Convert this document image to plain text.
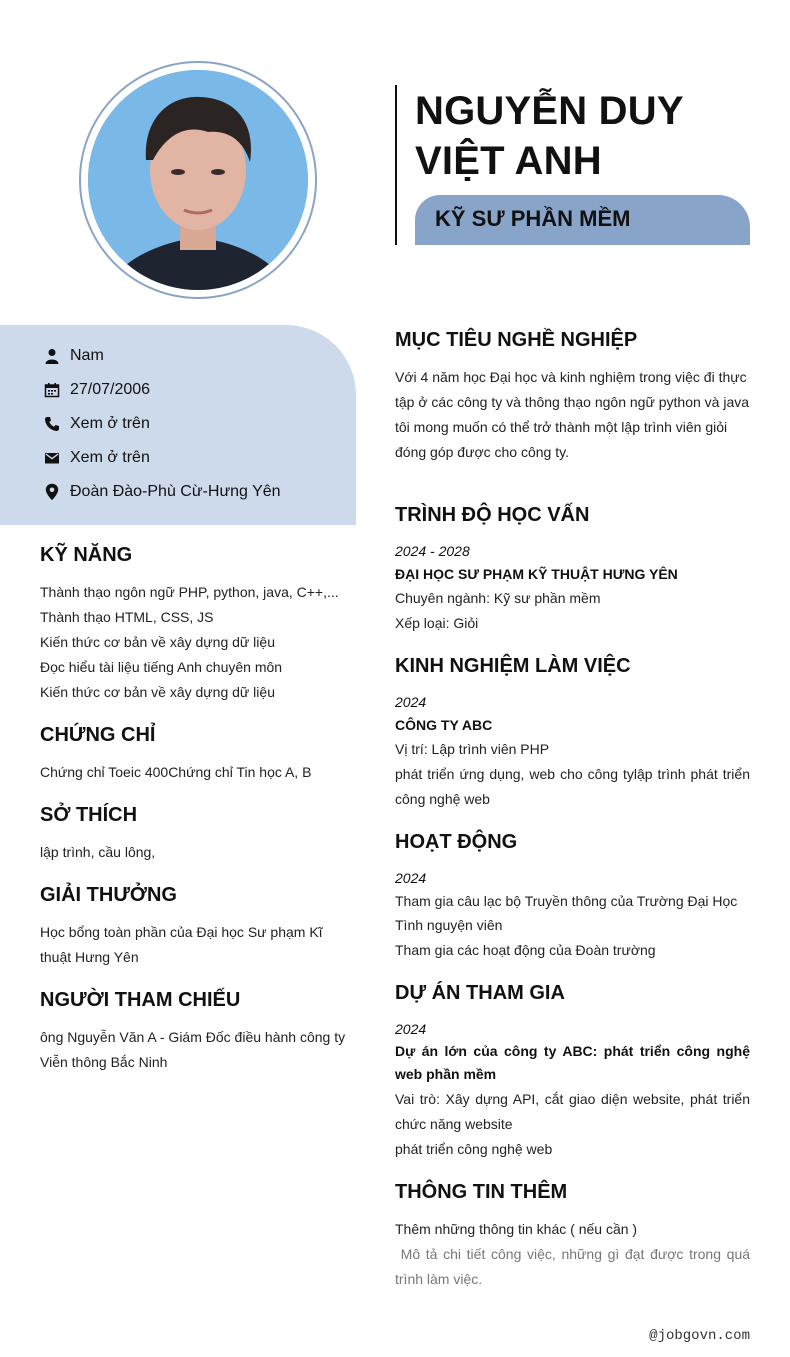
NGUYỄN DUY
VIỆT ANH
KỸ SƯ PHẦN MỀM
Nam
27/07/2006
Xem ở trên
Xem ở trên
Đoàn Đào-Phù Cừ-Hưng Yên
KỸ NĂNG
Thành thạo ngôn ngữ PHP, python, java, C++,...
Thành thạo HTML, CSS, JS
Kiến thức cơ bản về xây dựng dữ liệu
Đọc hiểu tài liệu tiếng Anh chuyên môn
Kiến thức cơ bản về xây dựng dữ liệu
CHỨNG CHỈ
Chứng chỉ Toeic 400Chứng chỉ Tin học A, B
SỞ THÍCH
lập trình, cầu lông,
GIẢI THƯỞNG
Học bổng toàn phần của Đại học Sư phạm Kĩ thuật Hưng Yên
NGƯỜI THAM CHIẾU
ông Nguyễn Văn A - Giám Đốc điều hành công ty Viễn thông Bắc Ninh
MỤC TIÊU NGHỀ NGHIỆP
Với 4 năm học Đại học và kinh nghiệm trong việc đi thực tập ở các công ty và thông thạo ngôn ngữ python và java tôi mong muốn có thể trở thành một lập trình viên giỏi đóng góp được cho công ty.
TRÌNH ĐỘ HỌC VẤN
2024 - 2028
ĐẠI HỌC SƯ PHẠM KỸ THUẬT HƯNG YÊN
Chuyên ngành: Kỹ sư phần mềm
Xếp loại: Giỏi
KINH NGHIỆM LÀM VIỆC
2024
CÔNG TY ABC
Vị trí: Lập trình viên PHP
phát triển ứng dụng, web cho công tylập trình phát triển công nghệ web
HOẠT ĐỘNG
2024
Tham gia câu lạc bộ Truyền thông của Trường Đại Học
Tình nguyện viên
Tham gia các hoạt động của Đoàn trường
DỰ ÁN THAM GIA
2024
Dự án lớn của công ty ABC: phát triển công nghệ web phần mềm
Vai trò: Xây dựng API, cắt giao diện website, phát triển chức năng website
phát triển công nghệ web
THÔNG TIN THÊM
Thêm những thông tin khác ( nếu cần )
Mô tả chi tiết công việc, những gì đạt được trong quá trình làm việc.
@jobgovn.com
